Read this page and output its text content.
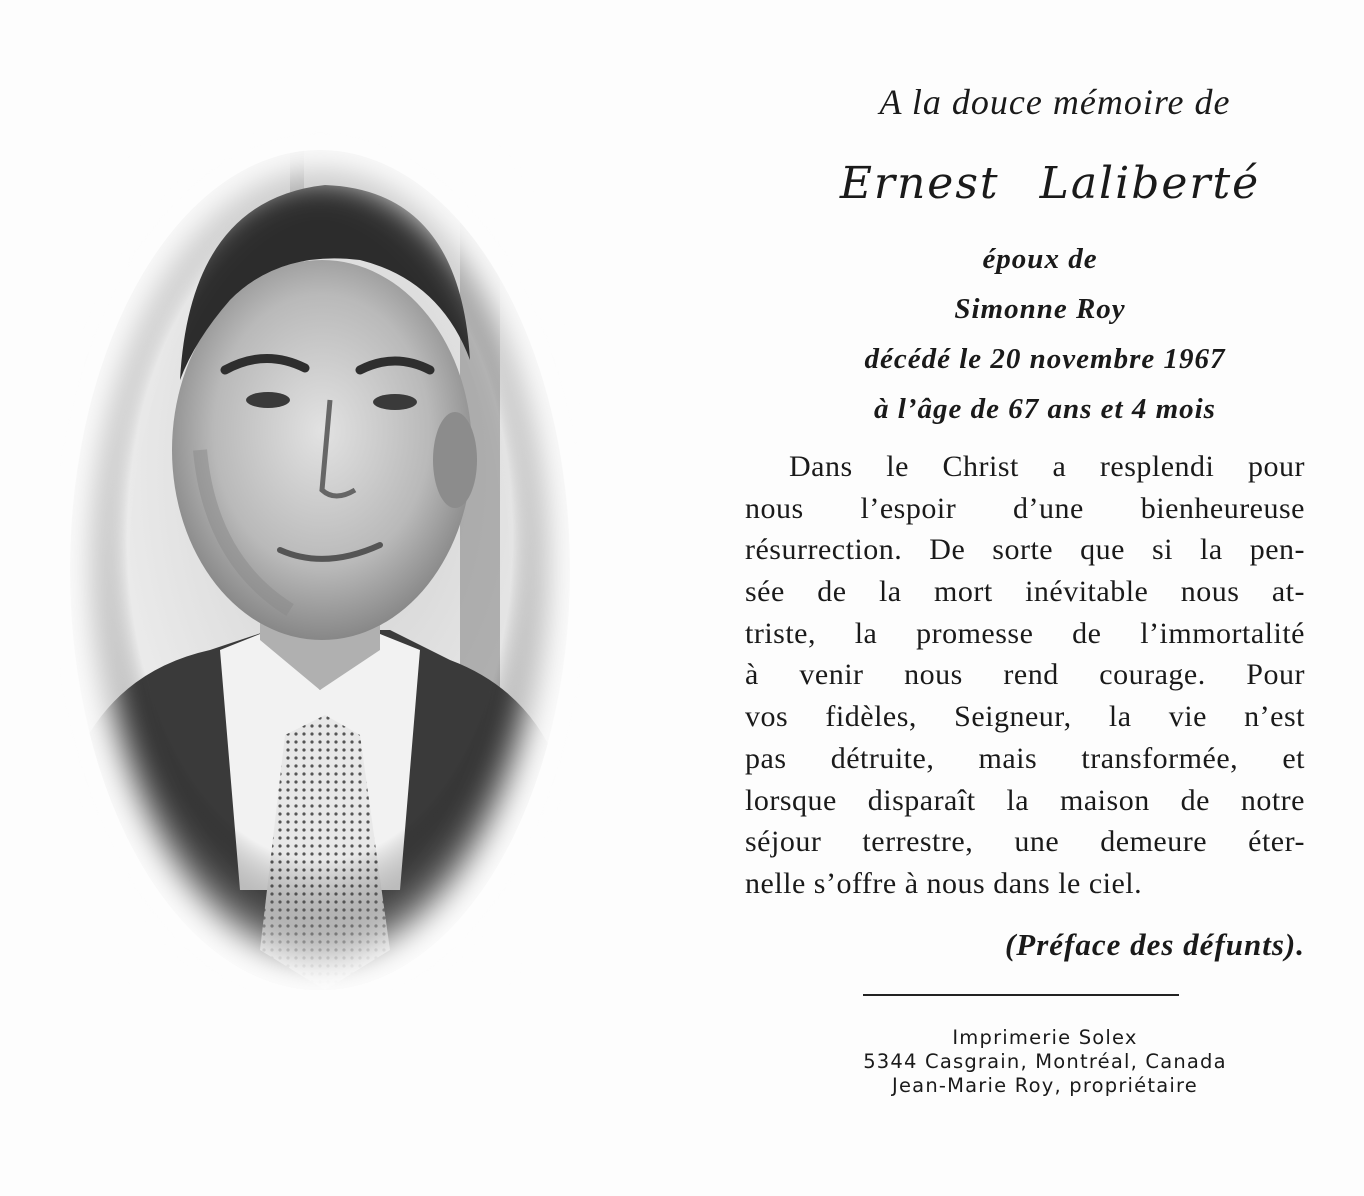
A la douce mémoire de

Ernest Laliberté

époux de

Simonne Roy

décédé le 20 novembre 1967

à l’âge de 67 ans et 4 mois

Dans le Christ a resplendi pour
nous l’espoir d’une bienheureuse
résurrection. De sorte que si la pen-
sée de la mort inévitable nous at-
triste, la promesse de l’immortalité
à venir nous rend courage. Pour
vos fidèles, Seigneur, la vie n’est
pas détruite, mais transformée, et
lorsque disparaît la maison de notre
séjour terrestre, une demeure éter-
nelle s’offre à nous dans le ciel.

(Préface des défunts).

Imprimerie Solex
5344 Casgrain, Montréal, Canada
Jean-Marie Roy, propriétaire
